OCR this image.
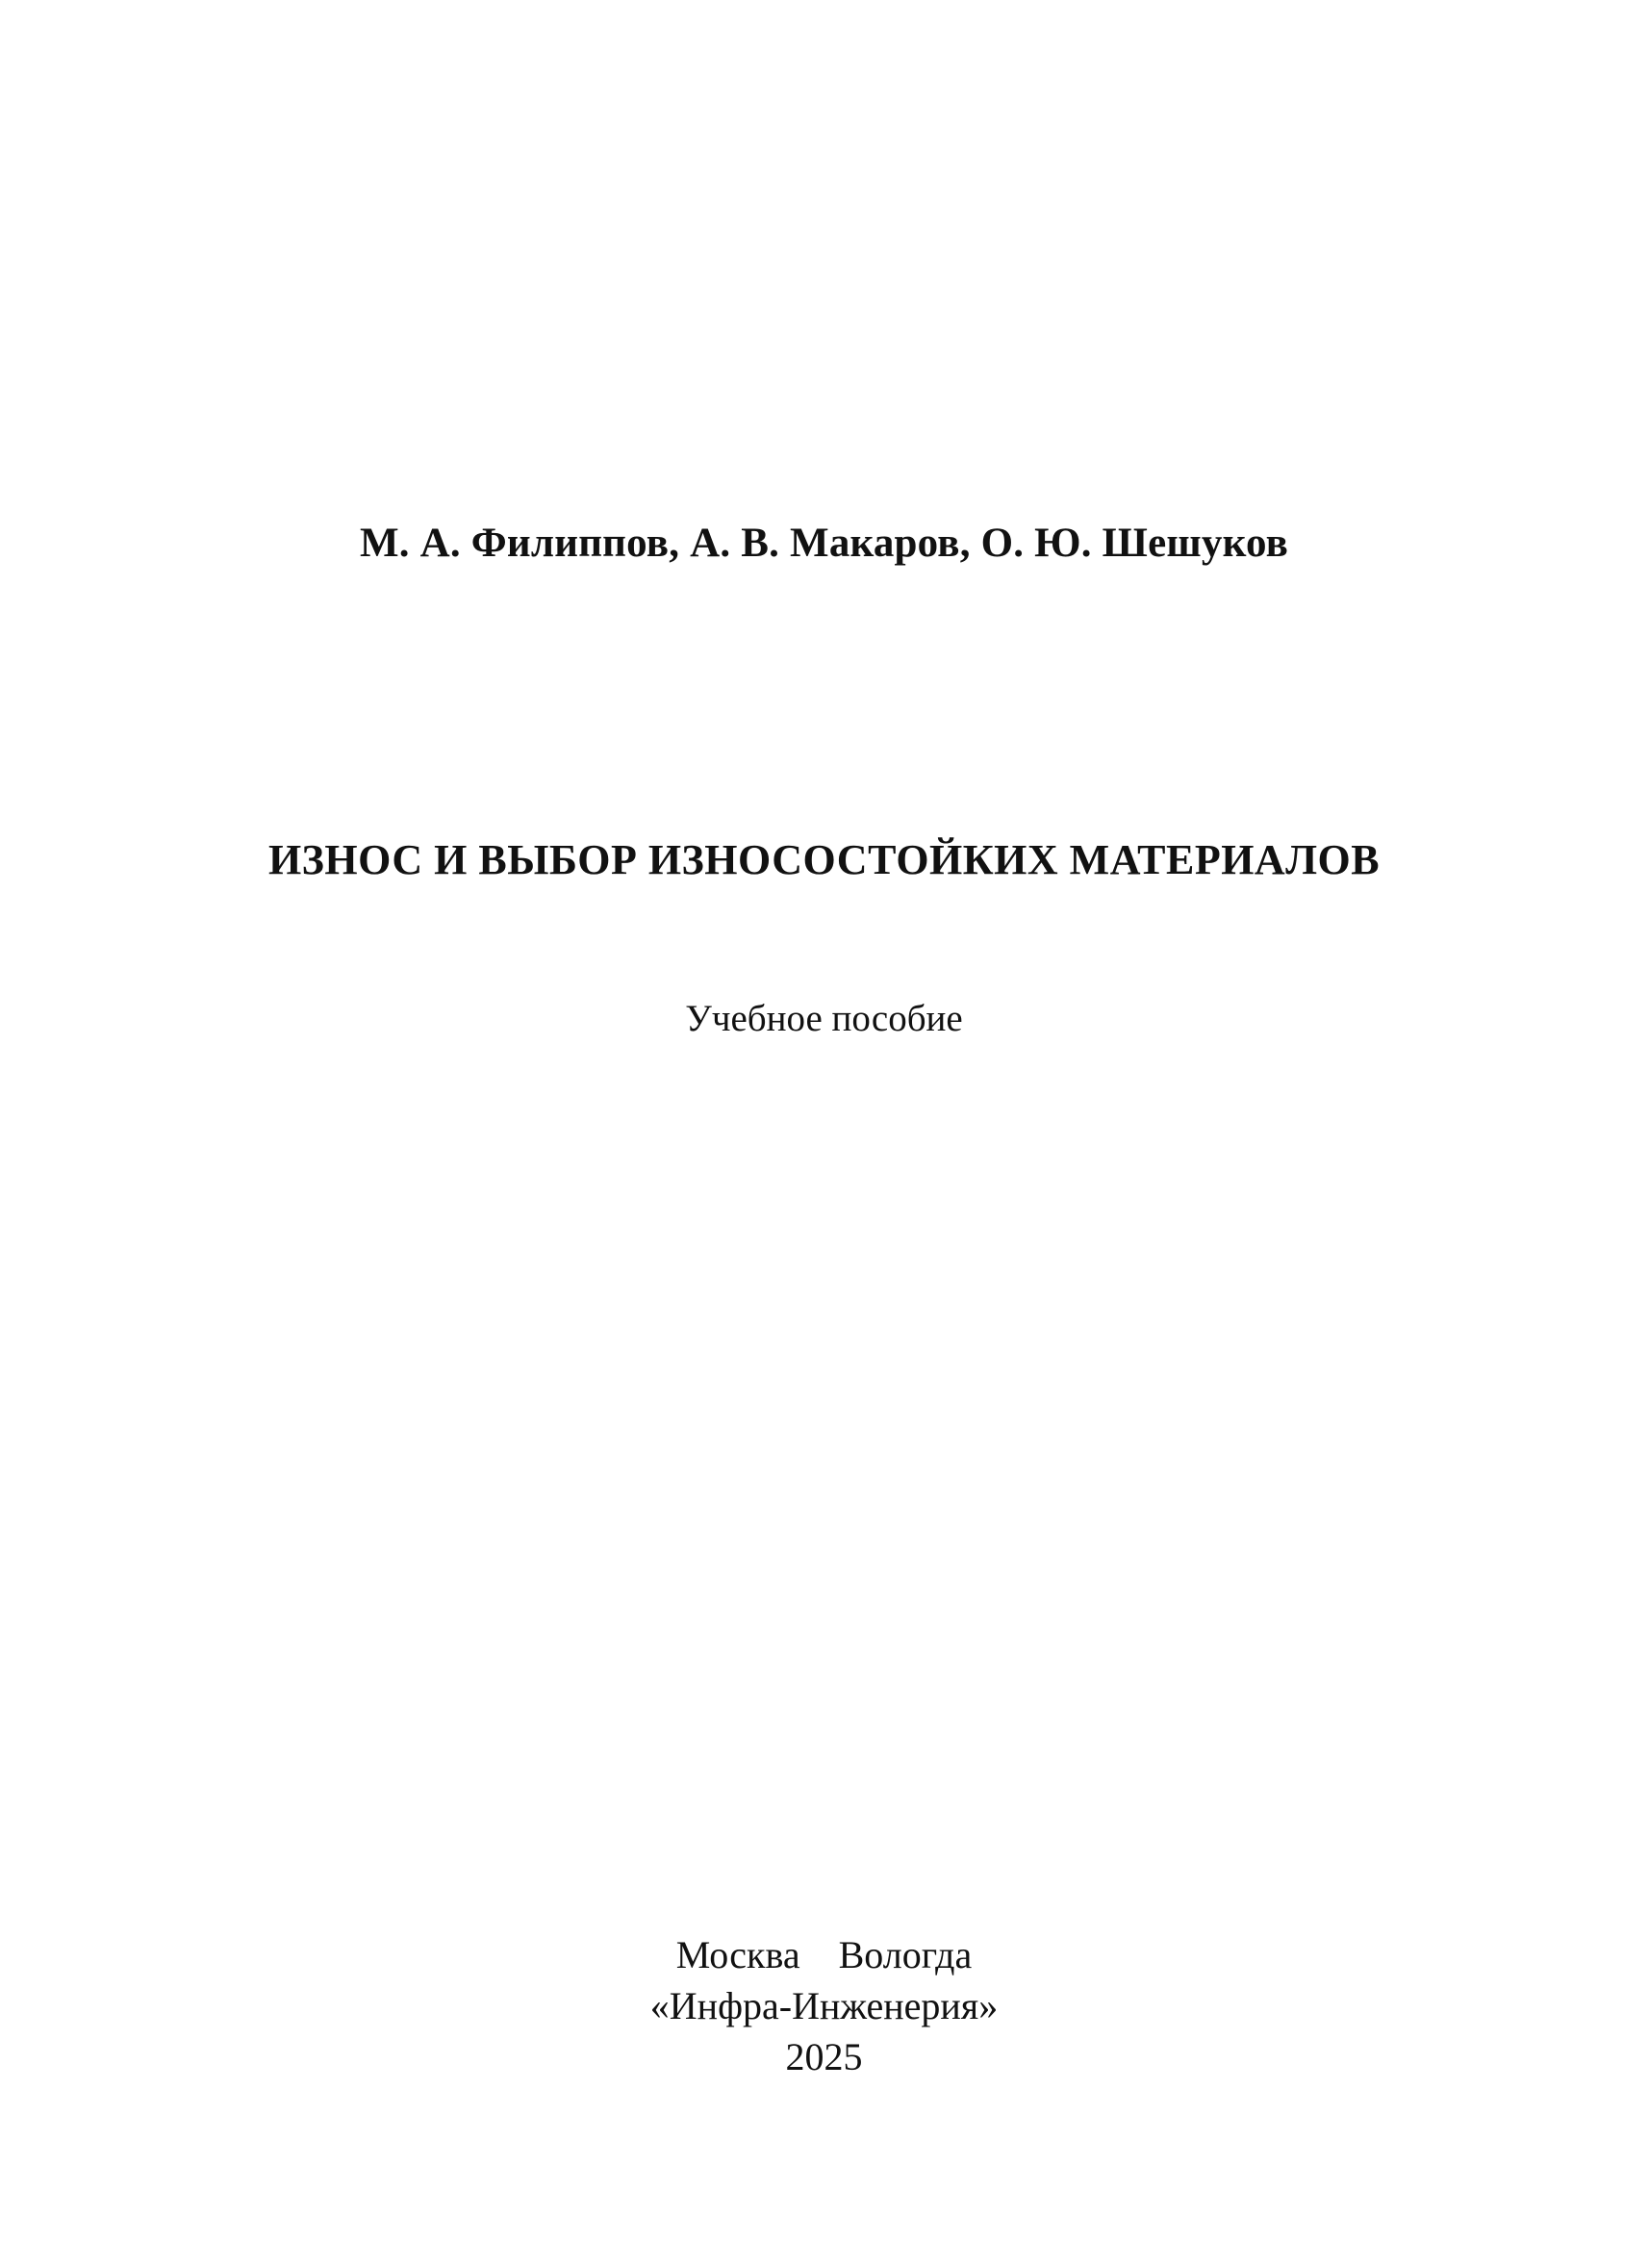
М. А. Филиппов, А. В. Макаров, О. Ю. Шешуков
ИЗНОС И ВЫБОР ИЗНОСОСТОЙКИХ МАТЕРИАЛОВ
Учебное пособие
Москва Вологда
«Инфра-Инженерия»
2025
